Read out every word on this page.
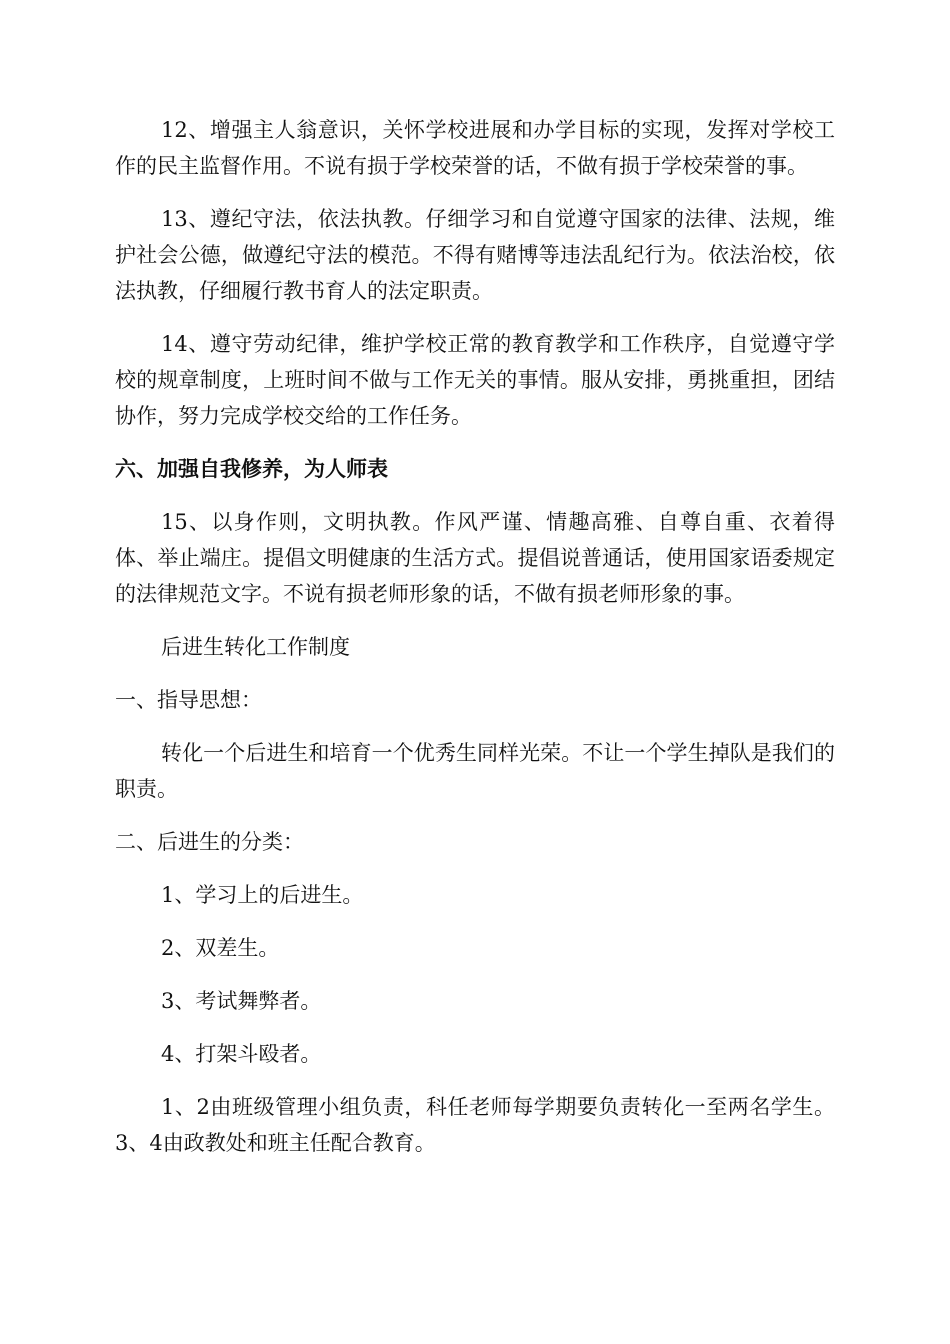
12、增强主人翁意识，关怀学校进展和办学目标的实现，发挥对学校工作的民主监督作用。不说有损于学校荣誉的话，不做有损于学校荣誉的事。

13、遵纪守法，依法执教。仔细学习和自觉遵守国家的法律、法规，维护社会公德，做遵纪守法的模范。不得有赌博等违法乱纪行为。依法治校，依法执教，仔细履行教书育人的法定职责。

14、遵守劳动纪律，维护学校正常的教育教学和工作秩序，自觉遵守学校的规章制度，上班时间不做与工作无关的事情。服从安排，勇挑重担，团结协作，努力完成学校交给的工作任务。

六、加强自我修养，为人师表

15、以身作则，文明执教。作风严谨、情趣高雅、自尊自重、衣着得体、举止端庄。提倡文明健康的生活方式。提倡说普通话，使用国家语委规定的法律规范文字。不说有损老师形象的话，不做有损老师形象的事。

后进生转化工作制度

一、指导思想：

转化一个后进生和培育一个优秀生同样光荣。不让一个学生掉队是我们的职责。

二、后进生的分类：

1、学习上的后进生。

2、双差生。

3、考试舞弊者。

4、打架斗殴者。

1、2由班级管理小组负责，科任老师每学期要负责转化一至两名学生。3、4由政教处和班主任配合教育。
